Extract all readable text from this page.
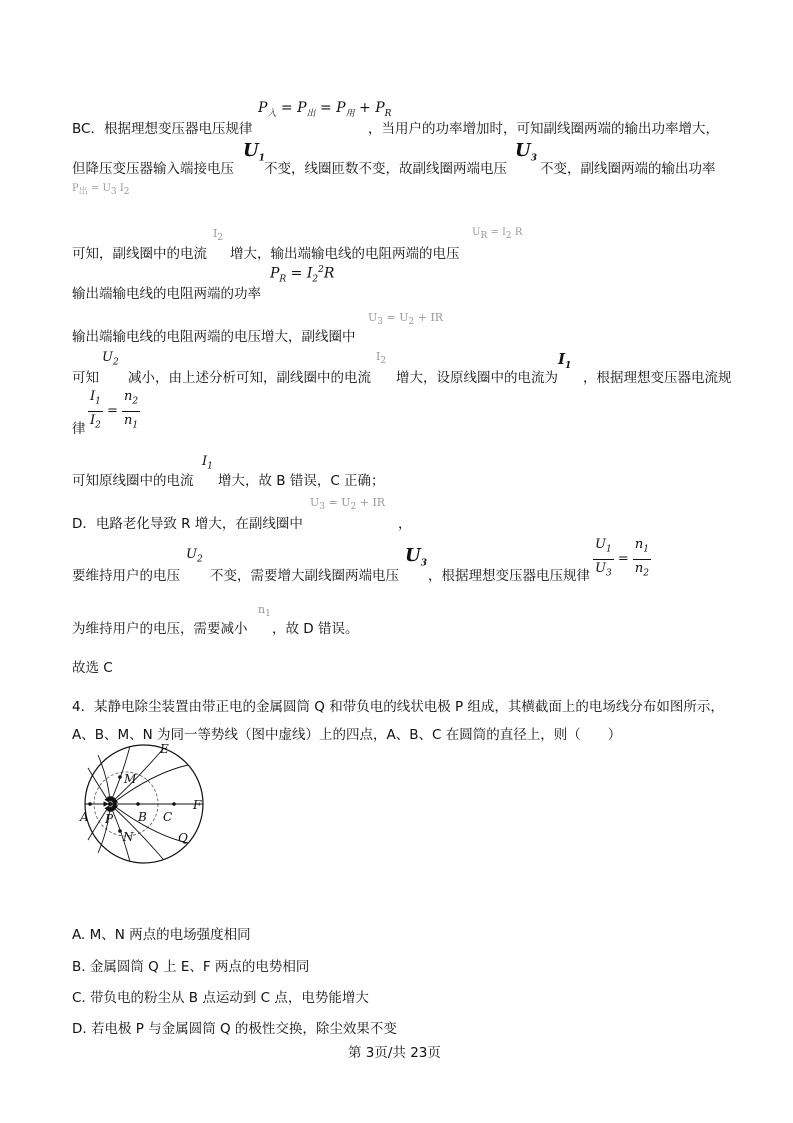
$P_入 = P_出 = P_用 + P_R$
BC．根据理想变压器电压规律	，当用户的功率增加时，可知副线圈两端的输出功率增大，
$U_1$	$U_3$
但降压变压器输入端接电压 不变，线圈匝数不变，故副线圈两端电压 不变，副线圈两端的输出功率
$P_出 = U_3$ $I_2$
$I_2$
$U_R = I_2$ R
可知，副线圈中的电流 增大，输出端输电线的电阻两端的电压
$P_R = I_2^2R$
输出端输电线的电阻两端的功率
$U_3 = U_2$ + IR
输出端输电线的电阻两端的电压增大，副线圈中
$U_2$	$I_2$	$I_1$
可知 减小，由上述分析可知，副线圈中的电流 增大，设原线圈中的电流为 ，根据理想变压器电流规
$\frac{I_1}{I_2} = \frac{n_2}{n_1}$
律
$I_1$
可知原线圈中的电流 增大，故 B 错误，C 正确；
$U_3 = U_2$ + IR
D．电路老化导致 R 增大，在副线圈中	，
$U_2$	$U_3$	$\frac{U_1}{U_3} = \frac{n_1}{n_2}$
要维持用户的电压 不变，需要增大副线圈两端电压 ，根据理想变压器电压规律
$n_1$
为维持用户的电压，需要减小 ，故 D 错误。
故选 C
4. 某静电除尘装置由带正电的金属圆筒 Q 和带负电的线状电极 P 组成，其横截面上的电场线分布如图所示，
A、B、M、N 为同一等势线（图中虚线）上的四点，A、B、C 在圆筒的直径上，则（　　）
E
M
F
A P B C
N	Q
A. M、N 两点的电场强度相同
B. 金属圆筒 Q 上 E、F 两点的电势相同
C. 带负电的粉尘从 B 点运动到 C 点，电势能增大
D. 若电极 P 与金属圆筒 Q 的极性交换，除尘效果不变
第 3页/共 23页
